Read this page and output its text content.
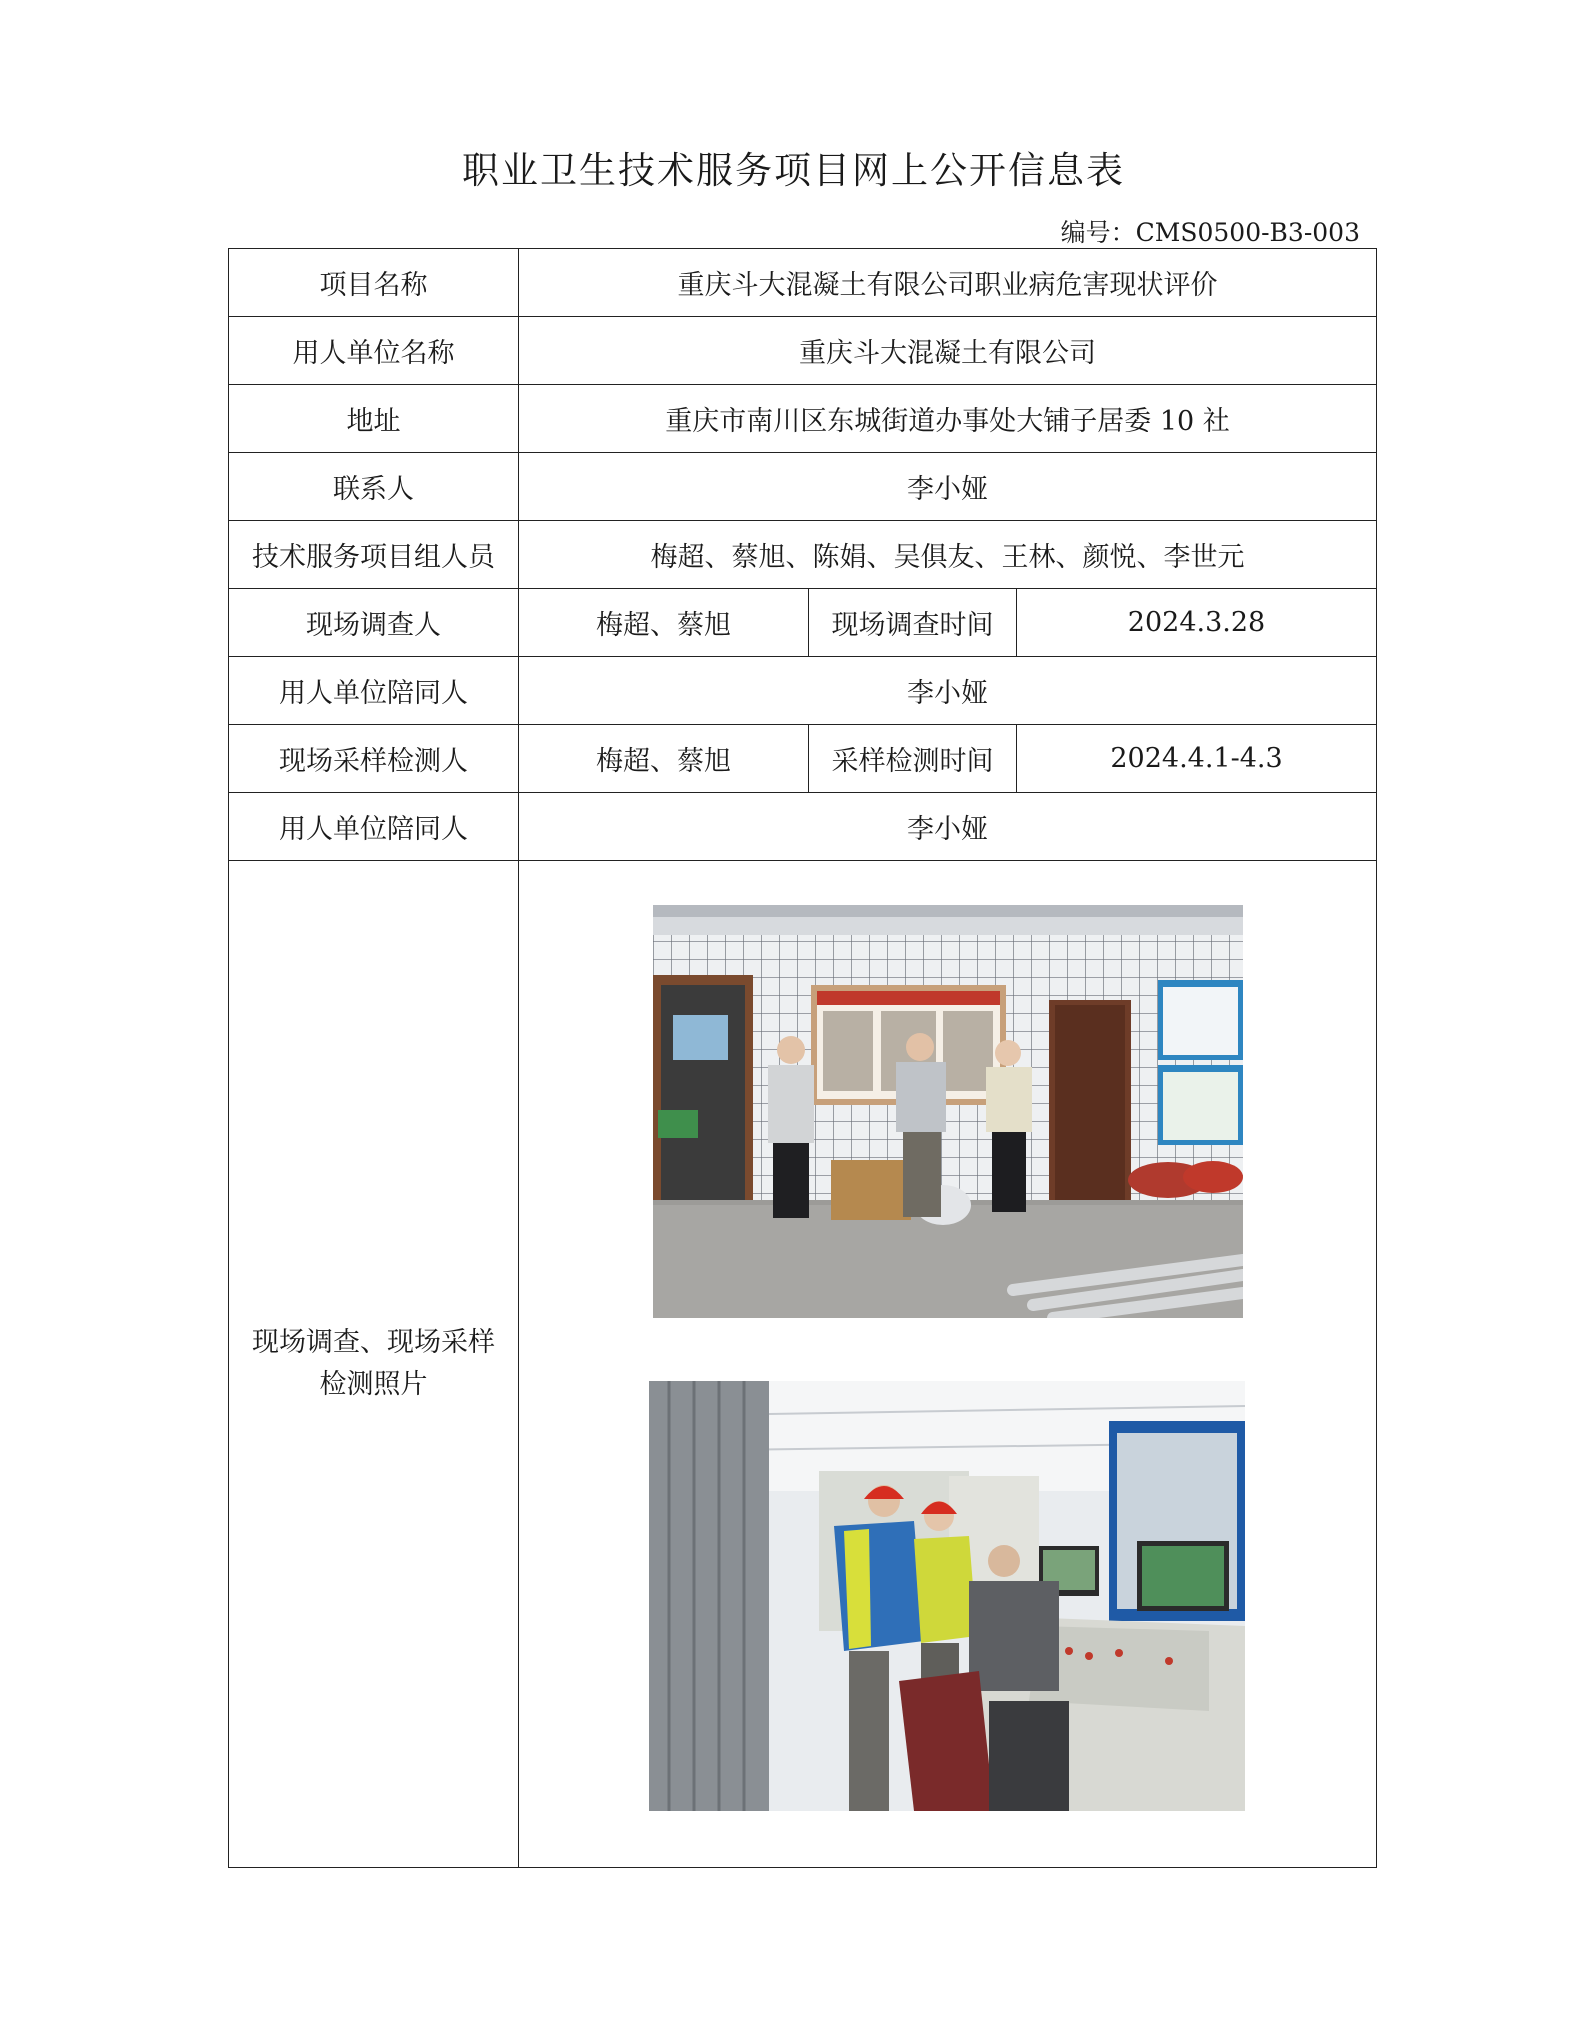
职业卫生技术服务项目网上公开信息表
编号：CMS0500-B3-003
项目名称	重庆斗大混凝土有限公司职业病危害现状评价		
用人单位名称	重庆斗大混凝土有限公司		
地址	重庆市南川区东城街道办事处大铺子居委 10 社		
联系人	李小娅		
技术服务项目组人员	梅超、蔡旭、陈娟、吴俱友、王林、颜悦、李世元		
现场调查人	梅超、蔡旭	现场调查时间	2024.3.28
用人单位陪同人	李小娅		
现场采样检测人	梅超、蔡旭	采样检测时间	2024.4.1-4.3
用人单位陪同人	李小娅		

现场调查、现场采样
检测照片
